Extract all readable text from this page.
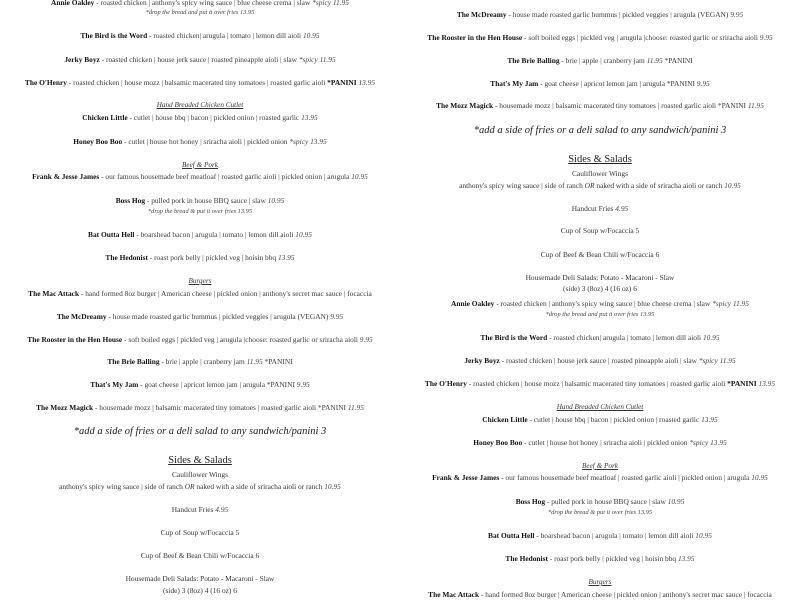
Annie Oakley - roasted chicken | anthony's spicy wing sauce | blue cheese crema | slaw *spicy 11.95
*drop the bread and put it over fries 13.95
The Bird is the Word - roasted chicken| arugula | tomato | lemon dill aioli 10.95
Jerky Boyz - roasted chicken | house jerk sauce | roasted pineapple aioli | slaw *spicy 11.95
The O'Henry - roasted chicken | house mozz | balsamic macerated tiny tomatoes | roasted garlic aioli *PANINI 13.95
Hand Breaded Chicken Cutlet
Chicken Little - cutlet | house bbq | bacon | pickled onion | roasted garlic 13.95
Honey Boo Boo - cutlet | house hot honey | sriracha aioli | pickled onion *spicy 13.95
Beef & Pork
Frank & Jesse James - our famous housemade beef meatloaf | roasted garlic aioli | pickled onion | arugula 10.95
Boss Hog - pulled pork in house BBQ sauce | slaw 10.95
*drop the bread & put it over fries 13.95
Bat Outta Hell - boarshead bacon | arugula | tomato | lemon dill aioli 10.95
The Hedonist - roast pork belly | pickled veg | hoisin bbq 13.95
Burgers
The Mac Attack - hand formed 8oz burger | American cheese | pickled onion | anthony's secret mac sauce | focaccia
The McDreamy - house made roasted garlic hummus | pickled veggies | arugula (VEGAN) 9.95
The Rooster in the Hen House - soft boiled eggs | pickled veg | arugula |choose: roasted garlic or sriracha aioli 9.95
The Brie Balling - brie | apple | cranberry jam 11.95 *PANINI
That's My Jam - goat cheese | apricot lemon jam | arugula *PANINI 9.95
The Mozz Magick - housemade mozz | balsamic macerated tiny tomatoes | roasted garlic aioli *PANINI 11.95
*add a side of fries or a deli salad to any sandwich/panini 3
Sides & Salads
Cauliflower Wings
anthony's spicy wing sauce | side of ranch OR naked with a side of sriracha aioli or ranch 10.95
Handcut Fries 4.95
Cup of Soup w/Focaccia 5
Cup of Beef & Bean Chili w/Focaccia 6
Housemade Deli Salads: Potato - Macaroni - Slaw
(side) 3 (8oz) 4 (16 oz) 6
The McDreamy - house made roasted garlic hummus | pickled veggies | arugula (VEGAN) 9.95
The Rooster in the Hen House - soft boiled eggs | pickled veg | arugula |choose: roasted garlic or sriracha aioli 9.95
The Brie Balling - brie | apple | cranberry jam 11.95 *PANINI
That's My Jam - goat cheese | apricot lemon jam | arugula *PANINI 9.95
The Mozz Magick - housemade mozz | balsamic macerated tiny tomatoes | roasted garlic aioli *PANINI 11.95
*add a side of fries or a deli salad to any sandwich/panini 3
Sides & Salads
Cauliflower Wings
anthony's spicy wing sauce | side of ranch OR naked with a side of sriracha aioli or ranch 10.95
Handcut Fries 4.95
Cup of Soup w/Focaccia 5
Cup of Beef & Bean Chili w/Focaccia 6
Housemade Deli Salads: Potato - Macaroni - Slaw
(side) 3 (8oz) 4 (16 oz) 6
Annie Oakley - roasted chicken | anthony's spicy wing sauce | blue cheese crema | slaw *spicy 11.95
*drop the bread and put it over fries 13.95
The Bird is the Word - roasted chicken| arugula | tomato | lemon dill aioli 10.95
Jerky Boyz - roasted chicken | house jerk sauce | roasted pineapple aioli | slaw *spicy 11.95
The O'Henry - roasted chicken | house mozz | balsamic macerated tiny tomatoes | roasted garlic aioli *PANINI 13.95
Hand Breaded Chicken Cutlet
Chicken Little - cutlet | house bbq | bacon | pickled onion | roasted garlic 13.95
Honey Boo Boo - cutlet | house hot honey | sriracha aioli | pickled onion *spicy 13.95
Beef & Pork
Frank & Jesse James - our famous housemade beef meatloaf | roasted garlic aioli | pickled onion | arugula 10.95
Boss Hog - pulled pork in house BBQ sauce | slaw 10.95
*drop the bread & put it over fries 13.95
Bat Outta Hell - boarshead bacon | arugula | tomato | lemon dill aioli 10.95
The Hedonist - roast pork belly | pickled veg | hoisin bbq 13.95
Burgers
The Mac Attack - hand formed 8oz burger | American cheese | pickled onion | anthony's secret mac sauce | focaccia
